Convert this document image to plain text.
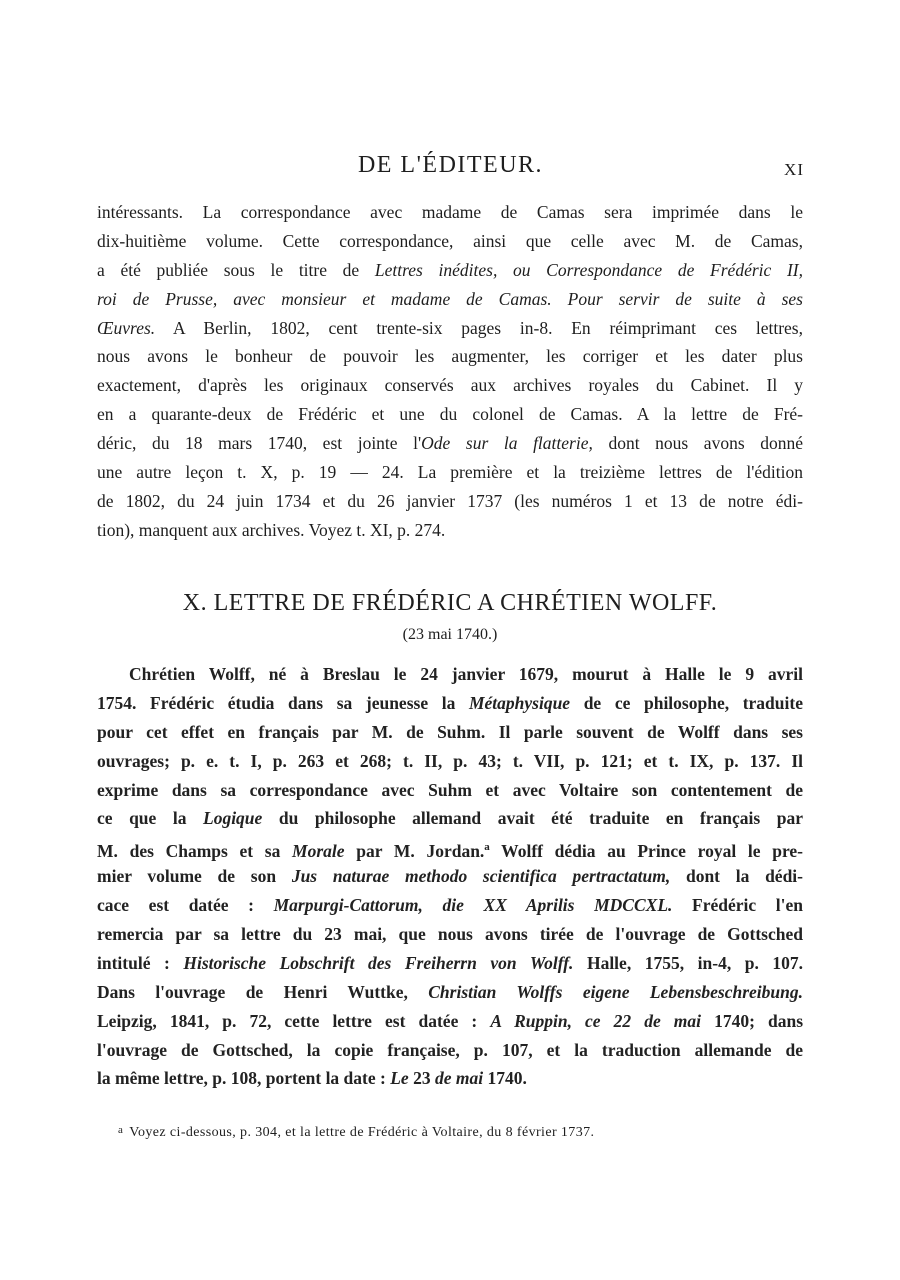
DE L'ÉDITEUR.	XI
intéressants. La correspondance avec madame de Camas sera imprimée dans le
dix-huitième volume. Cette correspondance, ainsi que celle avec M. de Camas,
a été publiée sous le titre de Lettres inédites, ou Correspondance de Frédéric II,
roi de Prusse, avec monsieur et madame de Camas. Pour servir de suite à ses
Œuvres. A Berlin, 1802, cent trente-six pages in-8. En réimprimant ces lettres,
nous avons le bonheur de pouvoir les augmenter, les corriger et les dater plus
exactement, d'après les originaux conservés aux archives royales du Cabinet. Il y
en a quarante-deux de Frédéric et une du colonel de Camas. A la lettre de Fré-
déric, du 18 mars 1740, est jointe l'Ode sur la flatterie, dont nous avons donné
une autre leçon t. X, p. 19 — 24. La première et la treizième lettres de l'édition
de 1802, du 24 juin 1734 et du 26 janvier 1737 (les numéros 1 et 13 de notre édi-
tion), manquent aux archives. Voyez t. XI, p. 274.
X. LETTRE DE FRÉDÉRIC A CHRÉTIEN WOLFF.
(23 mai 1740.)
Chrétien Wolff, né à Breslau le 24 janvier 1679, mourut à Halle le 9 avril
1754. Frédéric étudia dans sa jeunesse la Métaphysique de ce philosophe, traduite
pour cet effet en français par M. de Suhm. Il parle souvent de Wolff dans ses
ouvrages; p. e. t. I, p. 263 et 268; t. II, p. 43; t. VII, p. 121; et t. IX, p. 137. Il
exprime dans sa correspondance avec Suhm et avec Voltaire son contentement de
ce que la Logique du philosophe allemand avait été traduite en français par
M. des Champs et sa Morale par M. Jordan.$^a$ Wolff dédia au Prince royal le pre-
mier volume de son Jus naturae methodo scientifica pertractatum, dont la dédi-
cace est datée : Marpurgi-Cattorum, die XX Aprilis MDCCXL. Frédéric l'en
remercia par sa lettre du 23 mai, que nous avons tirée de l'ouvrage de Gottsched
intitulé : Historische Lobschrift des Freiherrn von Wolff. Halle, 1755, in-4, p. 107.
Dans l'ouvrage de Henri Wuttke, Christian Wolffs eigene Lebensbeschreibung.
Leipzig, 1841, p. 72, cette lettre est datée : A Ruppin, ce 22 de mai 1740; dans
l'ouvrage de Gottsched, la copie française, p. 107, et la traduction allemande de
la même lettre, p. 108, portent la date : Le 23 de mai 1740.
$^a$ Voyez ci-dessous, p. 304, et la lettre de Frédéric à Voltaire, du 8 février 1737.
